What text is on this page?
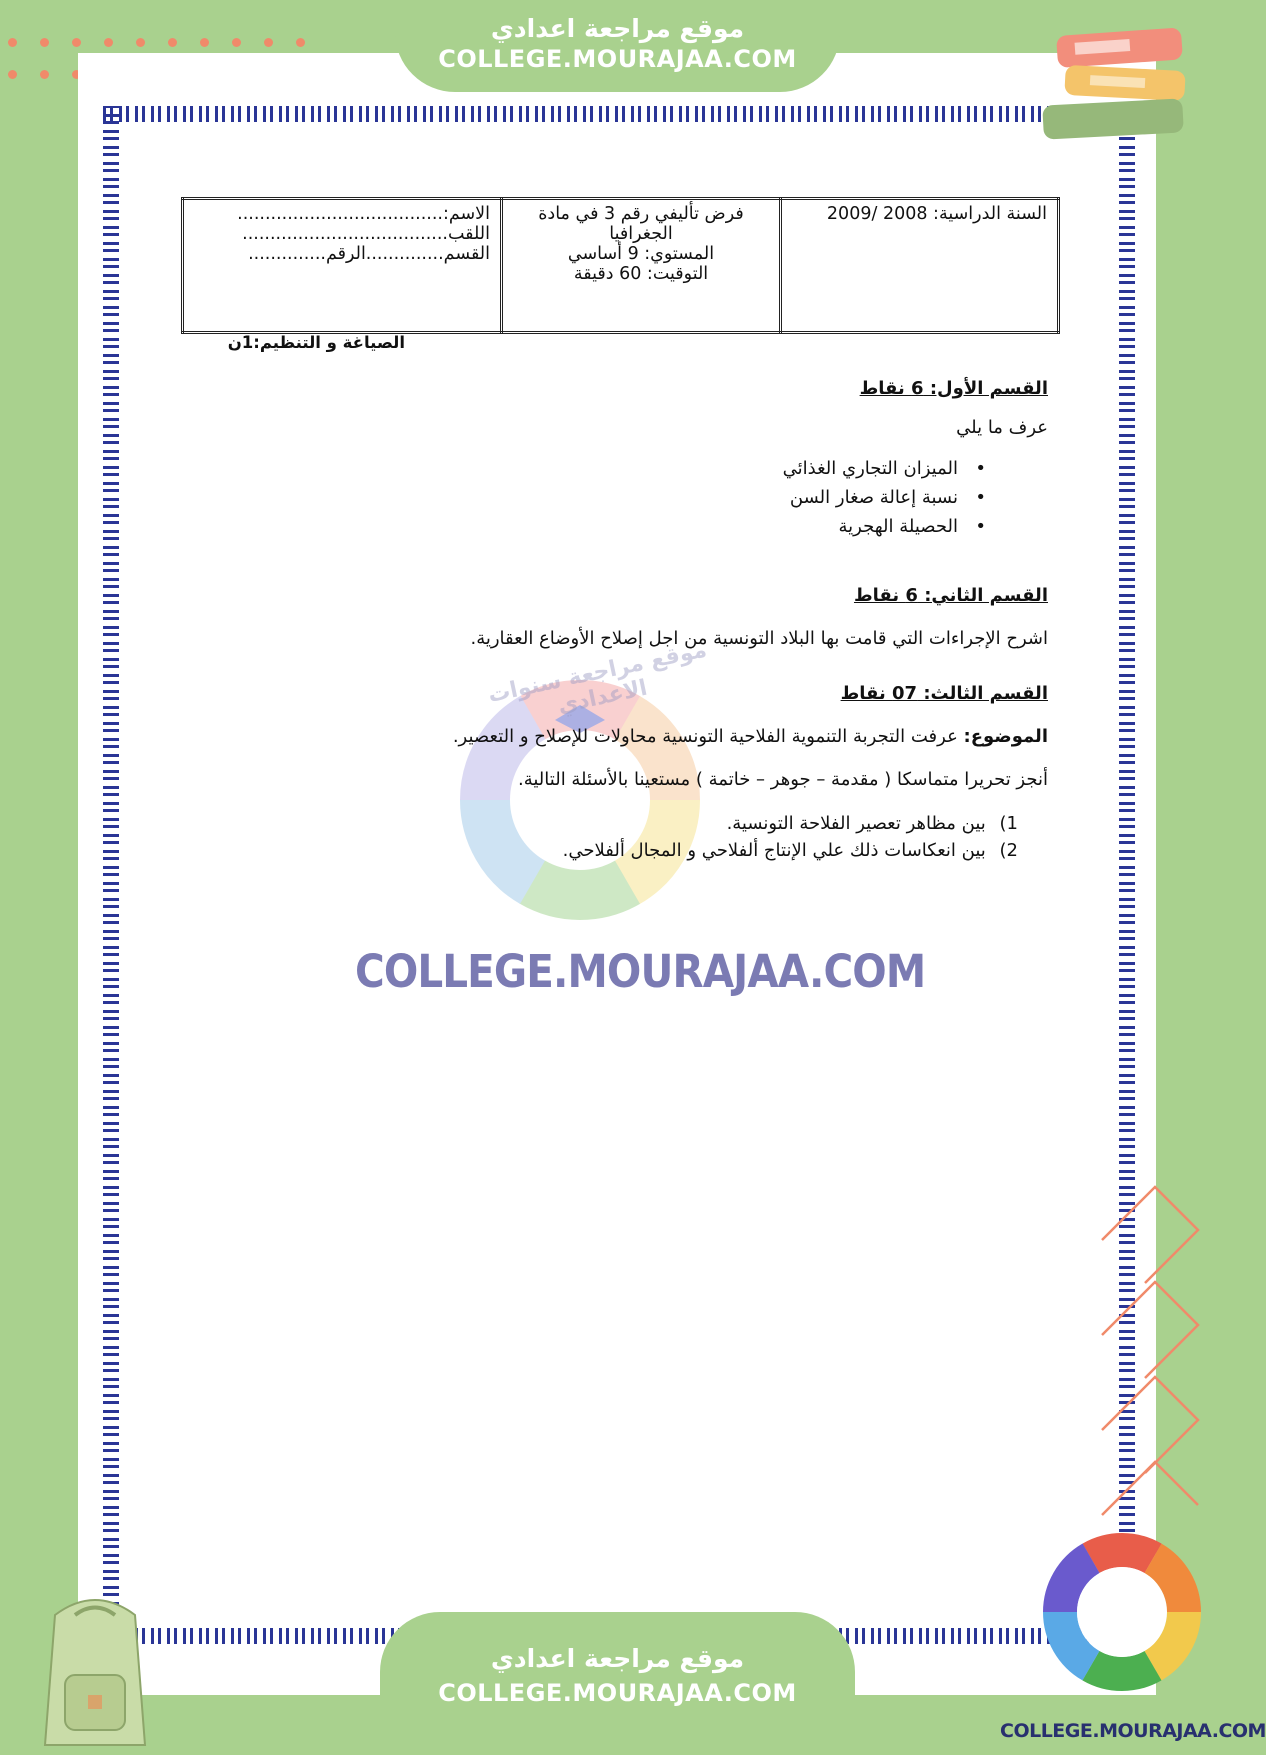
موقع مراجعة اعدادي
COLLEGE.MOURAJAA.COM
السنة الدراسية: 2008 /2009

فرض تأليفي رقم 3 في مادة
الجغرافيا
المستوي: 9 أساسي
التوقيت: 60 دقيقة

الاسم:.....................................
اللقب.....................................
القسم..............الرقم..............
الصياغة و التنظيم:1ن
القسم الأول: 6 نقاط
عرف ما يلي
• الميزان التجاري الغذائي
• نسبة إعالة صغار السن
• الحصيلة الهجرية
القسم الثاني: 6 نقاط
اشرح الإجراءات التي قامت بها البلاد التونسية من اجل إصلاح الأوضاع العقارية.
القسم الثالث: 07 نقاط
الموضوع: عرفت التجربة التنموية الفلاحية التونسية محاولات للإصلاح و التعصير.
أنجز تحريرا متماسكا ( مقدمة – جوهر – خاتمة ) مستعينا بالأسئلة التالية.
1) بين مظاهر تعصير الفلاحة التونسية.
2) بين انعكاسات ذلك علي الإنتاج ألفلاحي و المجال ألفلاحي.
موقع مراجعة سنوات الاعدادي
COLLEGE.MOURAJAA.COM
موقع مراجعة اعدادي
COLLEGE.MOURAJAA.COM
COLLEGE.MOURAJAA.COM
